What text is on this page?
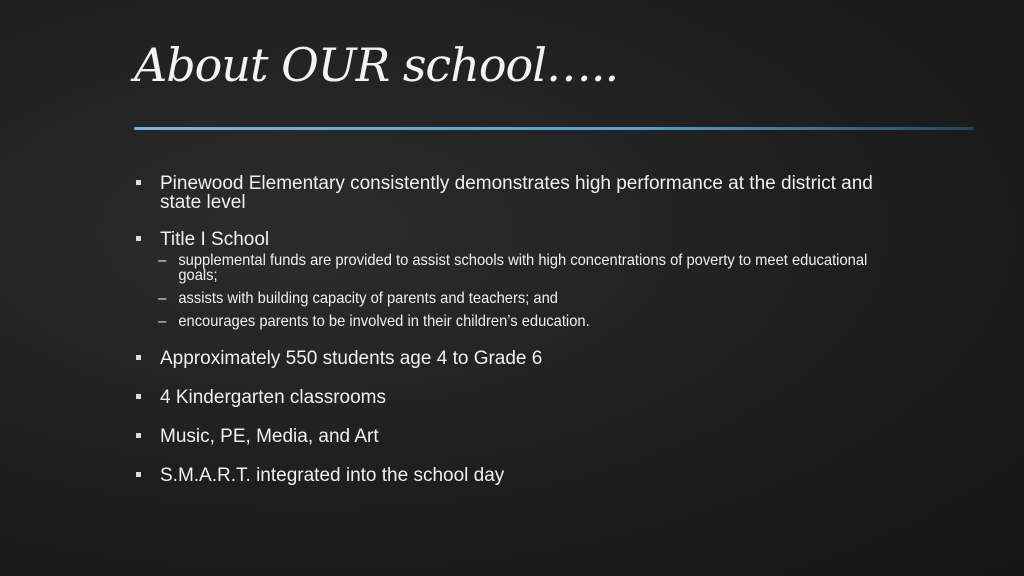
About OUR school…..
Pinewood Elementary consistently demonstrates high performance at the district and state level
Title I School
– supplemental funds are provided to assist schools with high concentrations of poverty to meet educational goals;
– assists with building capacity of parents and teachers; and
– encourages parents to be involved in their children’s education.
Approximately 550 students age 4 to Grade 6
4 Kindergarten classrooms
Music, PE, Media, and Art
S.M.A.R.T. integrated into the school day
